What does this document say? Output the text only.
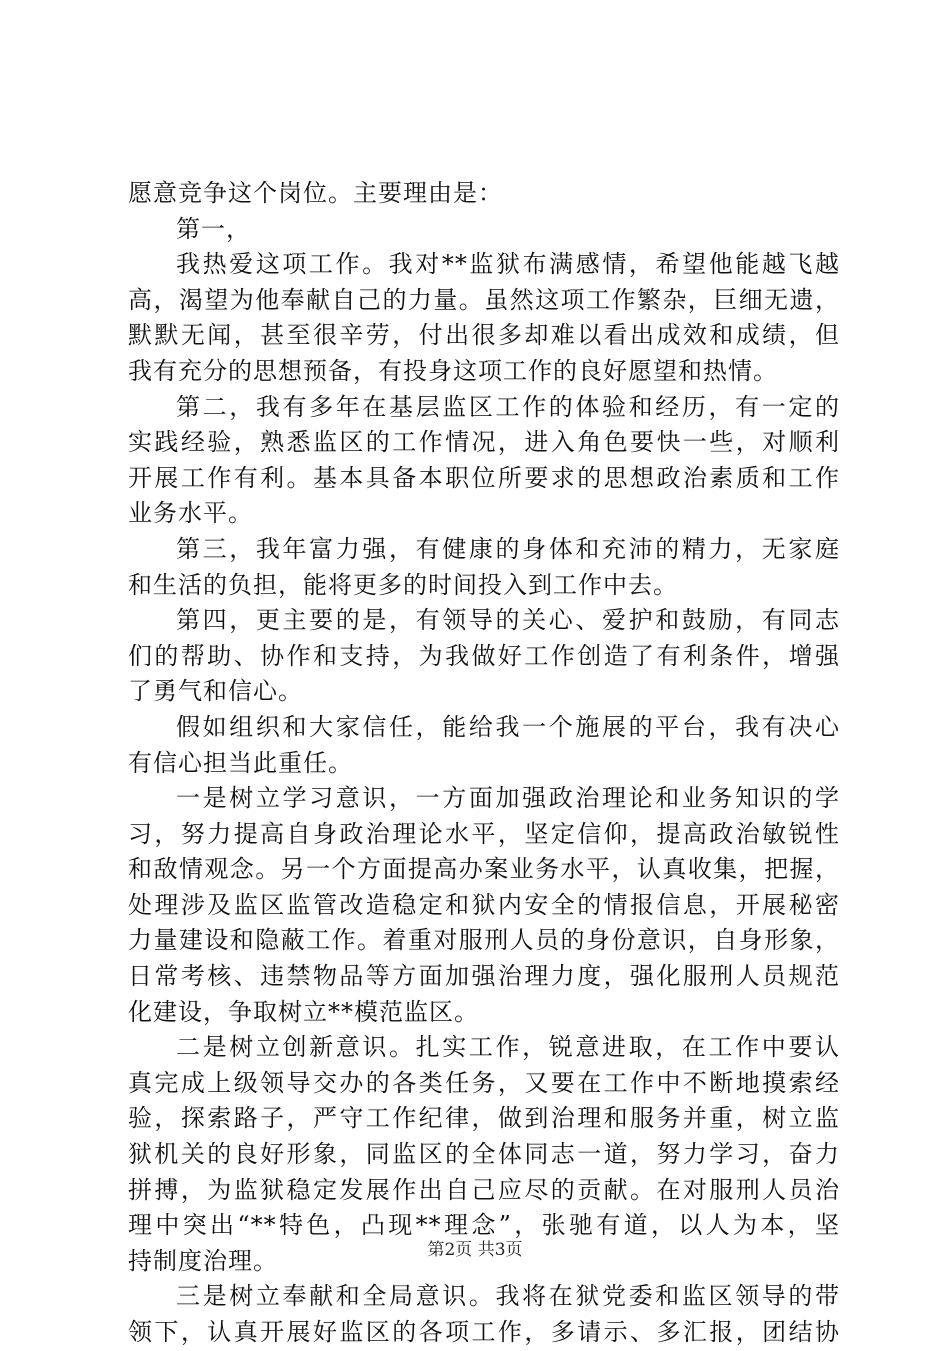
愿意竞争这个岗位。主要理由是：
第一，
我热爱这项工作。我对**监狱布满感情，希望他能越飞越
高，渴望为他奉献自己的力量。虽然这项工作繁杂，巨细无遗，
默默无闻，甚至很辛劳，付出很多却难以看出成效和成绩，但
我有充分的思想预备，有投身这项工作的良好愿望和热情。
第二，我有多年在基层监区工作的体验和经历，有一定的
实践经验，熟悉监区的工作情况，进入角色要快一些，对顺利
开展工作有利。基本具备本职位所要求的思想政治素质和工作
业务水平。
第三，我年富力强，有健康的身体和充沛的精力，无家庭
和生活的负担，能将更多的时间投入到工作中去。
第四，更主要的是，有领导的关心、爱护和鼓励，有同志
们的帮助、协作和支持，为我做好工作创造了有利条件，增强
了勇气和信心。
假如组织和大家信任，能给我一个施展的平台，我有决心
有信心担当此重任。
一是树立学习意识，一方面加强政治理论和业务知识的学
习，努力提高自身政治理论水平，坚定信仰，提高政治敏锐性
和敌情观念。另一个方面提高办案业务水平，认真收集，把握，
处理涉及监区监管改造稳定和狱内安全的情报信息，开展秘密
力量建设和隐蔽工作。着重对服刑人员的身份意识，自身形象，
日常考核、违禁物品等方面加强治理力度，强化服刑人员规范
化建设，争取树立**模范监区。
二是树立创新意识。扎实工作，锐意进取，在工作中要认
真完成上级领导交办的各类任务，又要在工作中不断地摸索经
验，探索路子，严守工作纪律，做到治理和服务并重，树立监
狱机关的良好形象，同监区的全体同志一道，努力学习，奋力
拼搏，为监狱稳定发展作出自己应尽的贡献。在对服刑人员治
理中突出“**特色，凸现**理念”，张驰有道，以人为本，坚
持制度治理。
三是树立奉献和全局意识。我将在狱党委和监区领导的带
领下，认真开展好监区的各项工作，多请示、多汇报，团结协
第2页 共3页
